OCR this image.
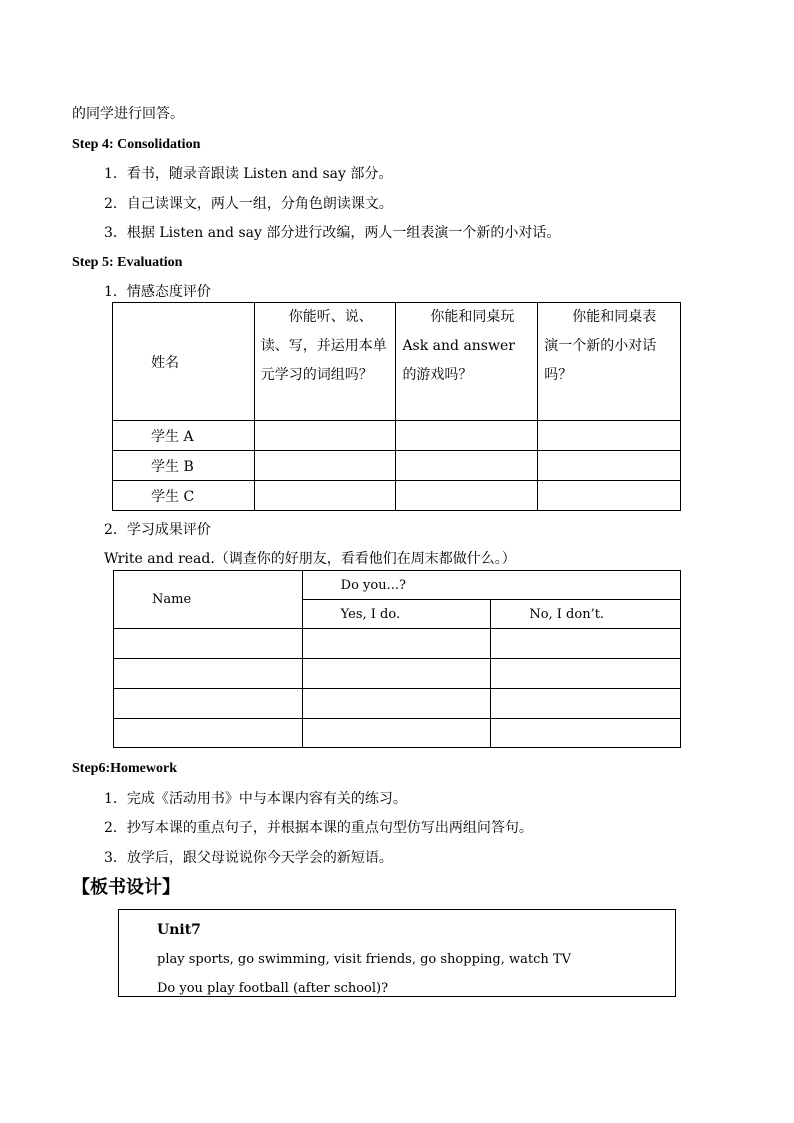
的同学进行回答。
Step 4: Consolidation
1．看书，随录音跟读 Listen and say 部分。
2．自己读课文，两人一组，分角色朗读课文。
3．根据 Listen and say 部分进行改编，两人一组表演一个新的小对话。
Step 5: Evaluation
1．情感态度评价
姓名	　　你能听、说、读、写，并运用本单元学习的词组吗？	　　你能和同桌玩 Ask and answer 的游戏吗？	　　你能和同桌表演一个新的小对话吗？
学生 A			
学生 B			
学生 C			
2．学习成果评价
Write and read.（调查你的好朋友，看看他们在周末都做什么。）
Name	Do you...?	
	Yes, I do.	No, I don’t.

Step6:Homework
1．完成《活动用书》中与本课内容有关的练习。
2．抄写本课的重点句子，并根据本课的重点句型仿写出两组问答句。
3．放学后，跟父母说说你今天学会的新短语。
【板书设计】
Unit7
play sports, go swimming, visit friends, go shopping, watch TV
Do you play football (after school)?
